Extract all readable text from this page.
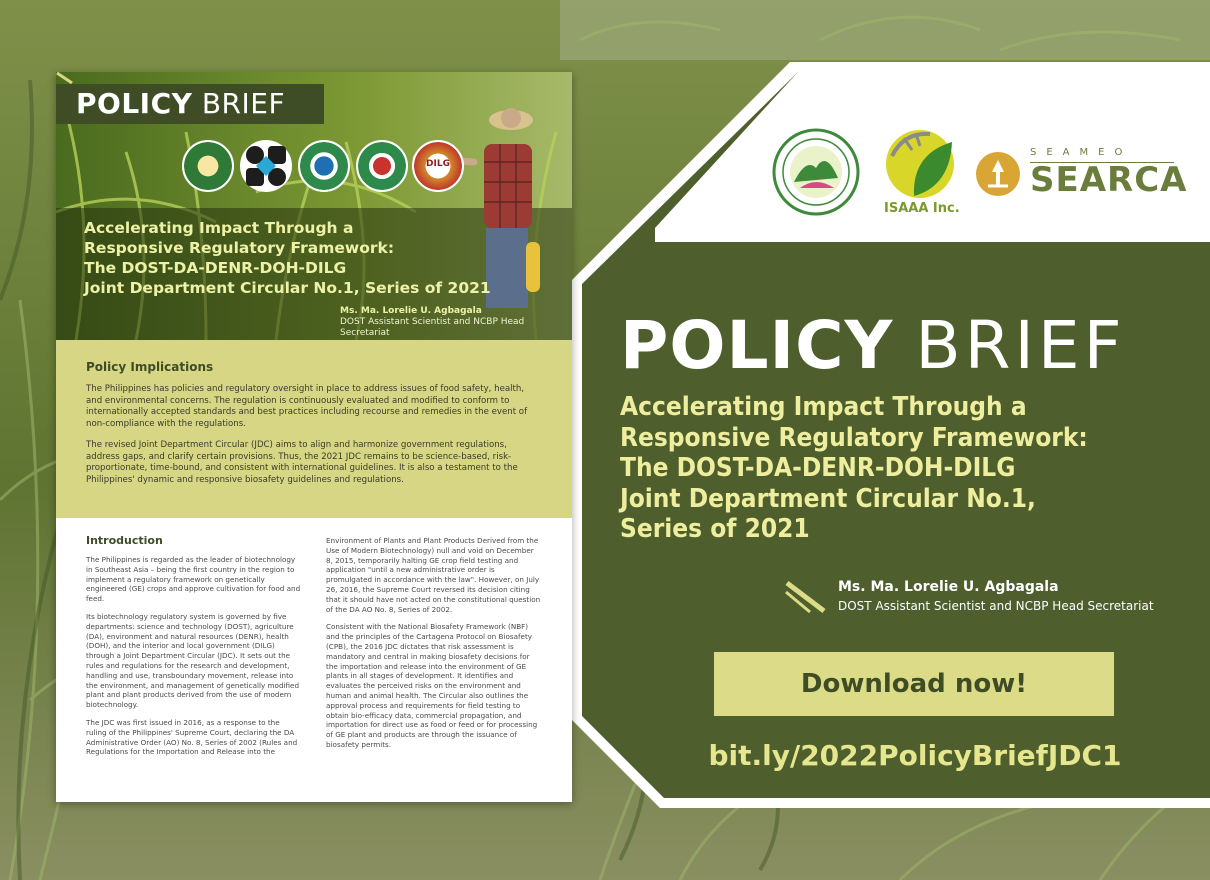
POLICY BRIEF
DILG
Accelerating Impact Through a
Responsive Regulatory Framework:
The DOST-DA-DENR-DOH-DILG
Joint Department Circular No.1, Series of 2021
Ms. Ma. Lorelie U. Agbagala
DOST Assistant Scientist and NCBP Head Secretariat
Policy Implications

The Philippines has policies and regulatory oversight in place to address issues of food safety, health, and environmental concerns. The regulation is continuously evaluated and modified to conform to internationally accepted standards and best practices including recourse and remedies in the event of non-compliance with the regulations.

The revised Joint Department Circular (JDC) aims to align and harmonize government regulations, address gaps, and clarify certain provisions. Thus, the 2021 JDC remains to be science-based, risk-proportionate, time-bound, and consistent with international guidelines. It is also a testament to the Philippines' dynamic and responsive biosafety guidelines and regulations.

Introduction

The Philippines is regarded as the leader of biotechnology in Southeast Asia – being the first country in the region to implement a regulatory framework on genetically engineered (GE) crops and approve cultivation for food and feed.

Its biotechnology regulatory system is governed by five departments: science and technology (DOST), agriculture (DA), environment and natural resources (DENR), health (DOH), and the interior and local government (DILG) through a Joint Department Circular (JDC). It sets out the rules and regulations for the research and development, handling and use, transboundary movement, release into the environment, and management of genetically modified plant and plant products derived from the use of modern biotechnology.

The JDC was first issued in 2016, as a response to the ruling of the Philippines' Supreme Court, declaring the DA Administrative Order (AO) No. 8, Series of 2002 (Rules and Regulations for the Importation and Release into the

Environment of Plants and Plant Products Derived from the Use of Modern Biotechnology) null and void on December 8, 2015, temporarily halting GE crop field testing and application "until a new administrative order is promulgated in accordance with the law". However, on July 26, 2016, the Supreme Court reversed its decision citing that it should have not acted on the constitutional question of the DA AO No. 8, Series of 2002.

Consistent with the National Biosafety Framework (NBF) and the principles of the Cartagena Protocol on Biosafety (CPB), the 2016 JDC dictates that risk assessment is mandatory and central in making biosafety decisions for the importation and release into the environment of GE plants in all stages of development. It identifies and evaluates the perceived risks on the environment and human and animal health. The Circular also outlines the approval process and requirements for field testing to obtain bio-efficacy data, commercial propagation, and importation for direct use as food or feed or for processing of GE plant and products are through the issuance of biosafety permits.

ISAAA Inc.
SEAMEO
SEARCA
POLICY BRIEF
Accelerating Impact Through a
Responsive Regulatory Framework:
The DOST-DA-DENR-DOH-DILG
Joint Department Circular No.1,
Series of 2021
Ms. Ma. Lorelie U. Agbagala
DOST Assistant Scientist and NCBP Head Secretariat
Download now!
bit.ly/2022PolicyBriefJDC1
